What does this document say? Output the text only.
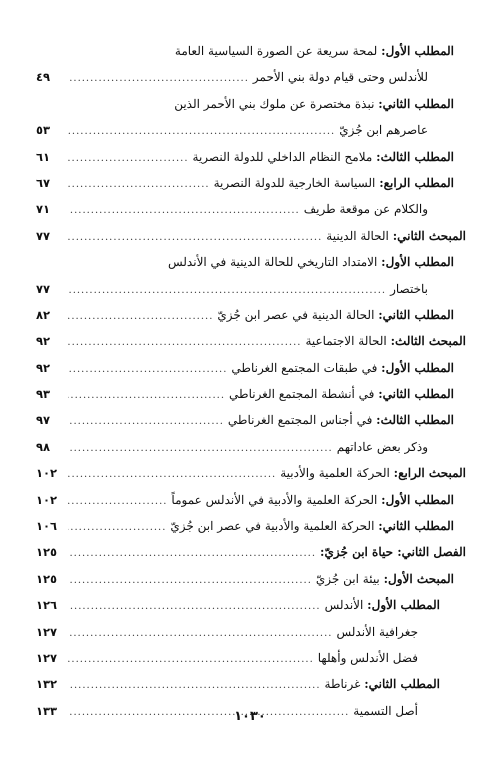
المطلب الأول: لمحة سريعة عن الصورة السياسية العامة
للأندلس وحتى قيام دولة بني الأحمر
.....
٤٩
المطلب الثاني: نبذة مختصرة عن ملوك بني الأحمر الذين
عاصرهم ابن جُزيّ
.....
٥٣
المطلب الثالث: ملامح النظام الداخلي للدولة النصرية
.....
٦١
المطلب الرابع: السياسة الخارجية للدولة النصرية
.....
٦٧
والكلام عن موقعة طريف
.....
٧١
المبحث الثاني: الحالة الدينية
.....
٧٧
المطلب الأول: الامتداد التاريخي للحالة الدينية في الأندلس
باختصار
.....
٧٧
المطلب الثاني: الحالة الدينية في عصر ابن جُزيّ
.....
٨٢
المبحث الثالث: الحالة الاجتماعية
.....
٩٢
المطلب الأول: في طبقات المجتمع الغرناطي
.....
٩٢
المطلب الثاني: في أنشطة المجتمع الغرناطي
.....
٩٣
المطلب الثالث: في أجناس المجتمع الغرناطي
.....
٩٧
وذكر بعض عاداتهم
.....
٩٨
المبحث الرابع: الحركة العلمية والأدبية
.....
١٠٢
المطلب الأول: الحركة العلمية والأدبية في الأندلس عموماً
.....
١٠٢
المطلب الثاني: الحركة العلمية والأدبية في عصر ابن جُزيّ
.....
١٠٦
الفصل الثاني: حياة ابن جُزيّ:
.....
١٢٥
المبحث الأول: بيئة ابن جُزيّ
.....
١٢٥
المطلب الأول: الأندلس
.....
١٢٦
جغرافية الأندلس
.....
١٢٧
فضل الأندلس وأهلها
.....
١٢٧
المطلب الثاني: غرناطة
.....
١٣٢
أصل التسمية
.....
١٣٣	١٠٣٠
